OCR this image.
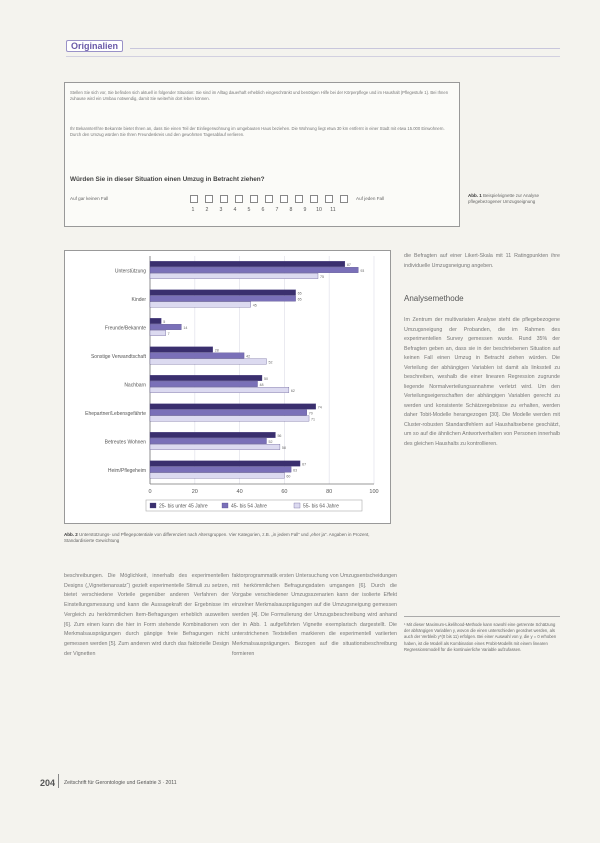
Originalien
Stellen Sie sich vor, Sie befinden sich aktuell in folgender Situation: Sie sind im Alltag dauerhaft erheblich eingeschränkt und benötigen Hilfe bei der Körperpflege und im Haushalt (Pflegestufe 1). Bei Ihnen zuhause wird ein Umbau notwendig, damit Sie weiterhin dort leben können.
Ihr Bekannter/Ihre Bekannte bietet Ihnen an, dass Sie einen Teil der Einliegerwohnung im umgebauten Haus beziehen. Die Wohnung liegt etwa 30 km entfernt in einer Stadt mit etwa 15.000 Einwohnern. Durch den Umzug würden Sie Ihren Freundeskreis und den gewohnten Tagesablauf verlieren.
Würden Sie in dieser Situation einen Umzug in Betracht ziehen?
Auf gar keinen Fall	Auf jeden Fall
1	2	3	4	5	6	7	8	9	10	11
Abb. 1 Beispielvignette zur Analyse pflegebezogener Umzugseignung
0	20	40	60	80	100
Unterstützung
87
93
75
Kinder
65
65
45
Freunde/Bekannte
5
14
7
Sonstige Verwandtschaft
28
42
52
Nachbarn
50
48
62
Ehepartner/Lebensgefährte
74
70
71
Betreutes Wohnen
56
52
58
Heim/Pflegeheim
67
63
60
25- bis unter 45 Jahre	45- bis 54 Jahre	55- bis 64 Jahre
Abb. 2 Unterstützungs- und Pflegepotentiale von differenziert nach Altersgruppen. Vier Kategorien, z.B. „in jedem Fall“ und „eher ja“. Angaben in Prozent, Standardisierte Gewichtung
die Befragten auf einer Likert-Skala mit 11 Ratingpunkten ihre individuelle Umzugsneigung angeben.
Analysemethode
Im Zentrum der multivariaten Analyse steht die pflegebezogene Umzugsneigung der Probanden, die im Rahmen des experimentellen Survey gemessen wurde. Rund 35% der Befragten geben an, dass sie in der beschriebenen Situation auf keinen Fall einen Umzug in Betracht ziehen würden. Die Verteilung der abhängigen Variablen ist damit als linkssteil zu beschreiben, weshalb die einer linearen Regression zugrunde liegende Normalverteilungsannahme verletzt wird. Um den Verteilungseigenschaften der abhängigen Variablen gerecht zu werden und konsistente Schätzergebnisse zu erhalten, werden daher Tobit-Modelle herangezogen [30]. Die Modelle werden mit Cluster-robusten Standardfehlern auf Haushaltsebene geschätzt, um so auf die ähnlichen Antwortverhalten von Personen innerhalb des gleichen Haushalts zu kontrollieren.
¹ Mit dieser Maximum-Likelihood-Methode kann sowohl eine getrennte Schätzung der abhängigen Variablen y, wovon die einen unterschieden geordnet werden, als auch der Verbleib y*(0 bis 11) erfolgen. Bei einer Auswahl von y, die y = 0 erhoben haben, ist die Modell als Kombination eines Probit-Modells mit einem linearen Regressionsmodell für die kontinuierliche Variable aufzufassen.
beschreibungen. Die Möglichkeit, innerhalb des experimentellen Designs („Vignettenansatz“) gezielt experimentelle Stimuli zu setzen, bietet verschiedene Vorteile gegenüber anderen Verfahren der Einstellungsmessung und kann die Aussagekraft der Ergebnisse im Vergleich zu herkömmlichen Item-Befragungen erheblich ausweiten [6]. Zum einen kann die hier in Form stehende Kombinationen von Merkmalsausprägungen durch gängige freie Befragungen nicht gemessen werden [5]. Zum anderen wird durch das faktorielle Design der Vignetten
faktorprogrammatik ersten Untersuchung von Umzugsentscheidungen mit herkömmlichen Befragungsdaten umgangen [6]. Durch die Vorgabe verschiedener Umzugsszenarien kann der isolierte Effekt einzelner Merkmalsausprägungen auf die Umzugsneigung gemessen werden [4]. Die Formulierung der Umzugsbeschreibung wird anhand der in Abb. 1 aufgeführten Vignette exemplarisch dargestellt. Die unterstrichenen Textstellen markieren die experimentell variierten Merkmalsausprägungen. Bezogen auf die situationsbeschreibung formieren
204 Zeitschrift für Gerontologie und Geriatrie 3 · 2011
